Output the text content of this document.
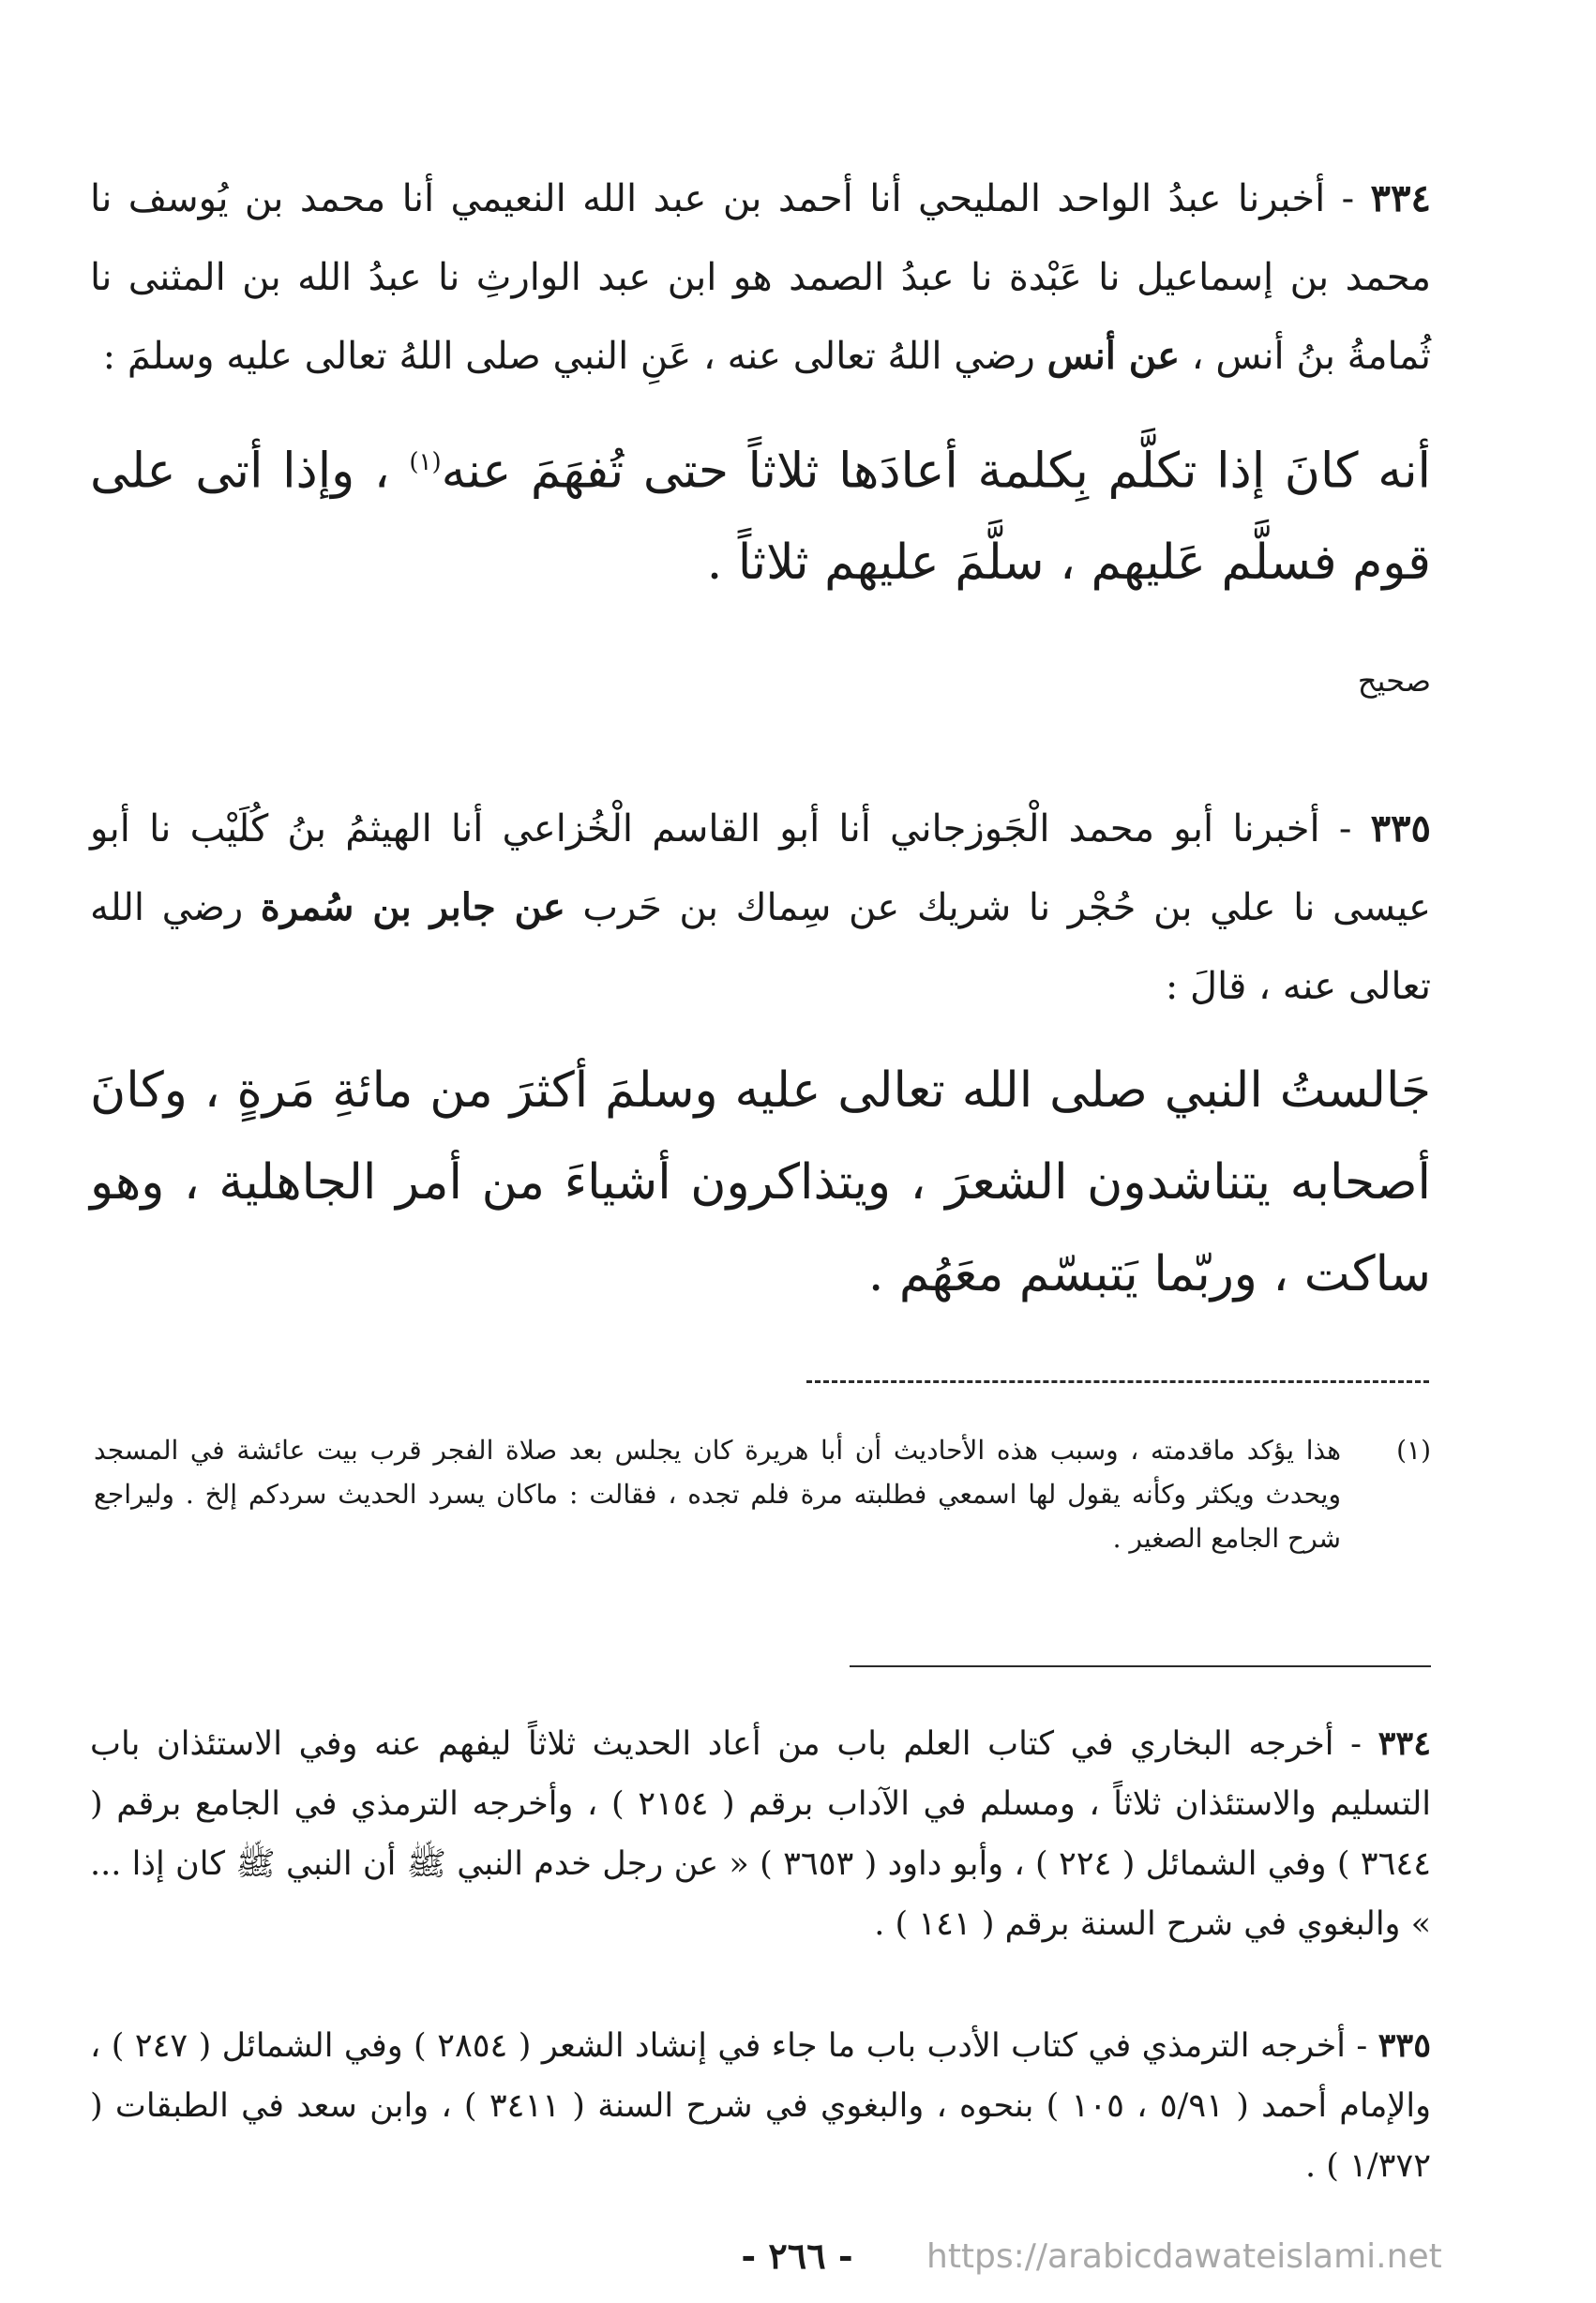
٣٣٤ - أخبرنا عبدُ الواحد المليحي أنا أحمد بن عبد الله النعيمي أنا محمد بن يُوسف نا محمد بن إسماعيل نا عَبْدة نا عبدُ الصمد هو ابن عبد الوارثِ نا عبدُ الله بن المثنى نا ثُمامةُ بنُ أنس ، عن أنس رضي اللهُ تعالى عنه ، عَنِ النبي صلى اللهُ تعالى عليه وسلمَ :
أنه كانَ إذا تكلَّم بِكلمة أعادَها ثلاثاً حتى تُفهَمَ عنه$^{(١)}$ ، وإذا أتى على قوم فسلَّم عَليهم ، سلَّمَ عليهم ثلاثاً .
صحيح
٣٣٥ - أخبرنا أبو محمد الْجَوزجاني أنا أبو القاسم الْخُزاعي أنا الهيثمُ بنُ كُلَيْب نا أبو عيسى نا علي بن حُجْر نا شريك عن سِماك بن حَرب عن جابر بن سُمرة رضي الله تعالى عنه ، قالَ :
جَالستُ النبي صلى الله تعالى عليه وسلمَ أكثرَ من مائةِ مَرةٍ ، وكانَ أصحابه يتناشدون الشعرَ ، ويتذاكرون أشياءَ من أمر الجاهلية ، وهو ساكت ، وربّما يَتبسّم معَهُم .
(١)
هذا يؤكد ماقدمته ، وسبب هذه الأحاديث أن أبا هريرة كان يجلس بعد صلاة الفجر قرب بيت عائشة في المسجد ويحدث ويكثر وكأنه يقول لها اسمعي فطلبته مرة فلم تجده ، فقالت : ماكان يسرد الحديث سردكم إلخ . وليراجع شرح الجامع الصغير .
٣٣٤ - أخرجه البخاري في كتاب العلم باب من أعاد الحديث ثلاثاً ليفهم عنه وفي الاستئذان باب التسليم والاستئذان ثلاثاً ، ومسلم في الآداب برقم ( ٢١٥٤ ) ، وأخرجه الترمذي في الجامع برقم ( ٣٦٤٤ ) وفي الشمائل ( ٢٢٤ ) ، وأبو داود ( ٣٦٥٣ ) « عن رجل خدم النبي ﷺ أن النبي ﷺ كان إذا ... » والبغوي في شرح السنة برقم ( ١٤١ ) .
٣٣٥ - أخرجه الترمذي في كتاب الأدب باب ما جاء في إنشاد الشعر ( ٢٨٥٤ ) وفي الشمائل ( ٢٤٧ ) ، والإمام أحمد ( ٥/٩١ ، ١٠٥ ) بنحوه ، والبغوي في شرح السنة ( ٣٤١١ ) ، وابن سعد في الطبقات ( ١/٣٧٢ ) .
- ٢٦٦ -	https://arabicdawateislami.net
